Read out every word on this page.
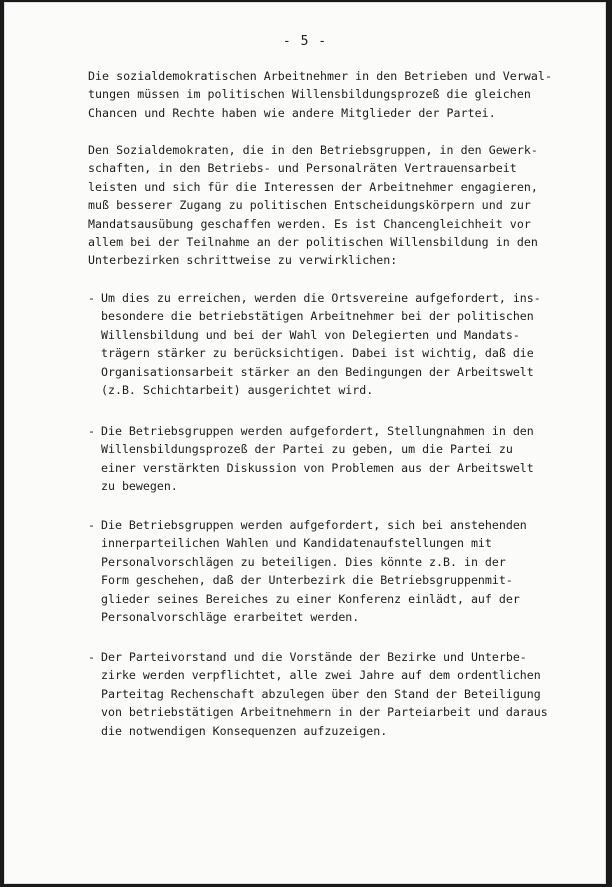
- 5 -

Die sozialdemokratischen Arbeitnehmer in den Betrieben und Verwal-
tungen müssen im politischen Willensbildungsprozeß die gleichen
Chancen und Rechte haben wie andere Mitglieder der Partei.

Den Sozialdemokraten, die in den Betriebsgruppen, in den Gewerk-
schaften, in den Betriebs- und Personalräten Vertrauensarbeit
leisten und sich für die Interessen der Arbeitnehmer engagieren,
muß besserer Zugang zu politischen Entscheidungskörpern und zur
Mandatsausübung geschaffen werden. Es ist Chancengleichheit vor
allem bei der Teilnahme an der politischen Willensbildung in den
Unterbezirken schrittweise zu verwirklichen:

- Um dies zu erreichen, werden die Ortsvereine aufgefordert, ins-
besondere die betriebstätigen Arbeitnehmer bei der politischen
Willensbildung und bei der Wahl von Delegierten und Mandats-
trägern stärker zu berücksichtigen. Dabei ist wichtig, daß die
Organisationsarbeit stärker an den Bedingungen der Arbeitswelt
(z.B. Schichtarbeit) ausgerichtet wird.
- Die Betriebsgruppen werden aufgefordert, Stellungnahmen in den
Willensbildungsprozeß der Partei zu geben, um die Partei zu
einer verstärkten Diskussion von Problemen aus der Arbeitswelt
zu bewegen.
- Die Betriebsgruppen werden aufgefordert, sich bei anstehenden
innerparteilichen Wahlen und Kandidatenaufstellungen mit
Personalvorschlägen zu beteiligen. Dies könnte z.B. in der
Form geschehen, daß der Unterbezirk die Betriebsgruppenmit-
glieder seines Bereiches zu einer Konferenz einlädt, auf der
Personalvorschläge erarbeitet werden.
- Der Parteivorstand und die Vorstände der Bezirke und Unterbe-
zirke werden verpflichtet, alle zwei Jahre auf dem ordentlichen
Parteitag Rechenschaft abzulegen über den Stand der Beteiligung
von betriebstätigen Arbeitnehmern in der Parteiarbeit und daraus
die notwendigen Konsequenzen aufzuzeigen.
